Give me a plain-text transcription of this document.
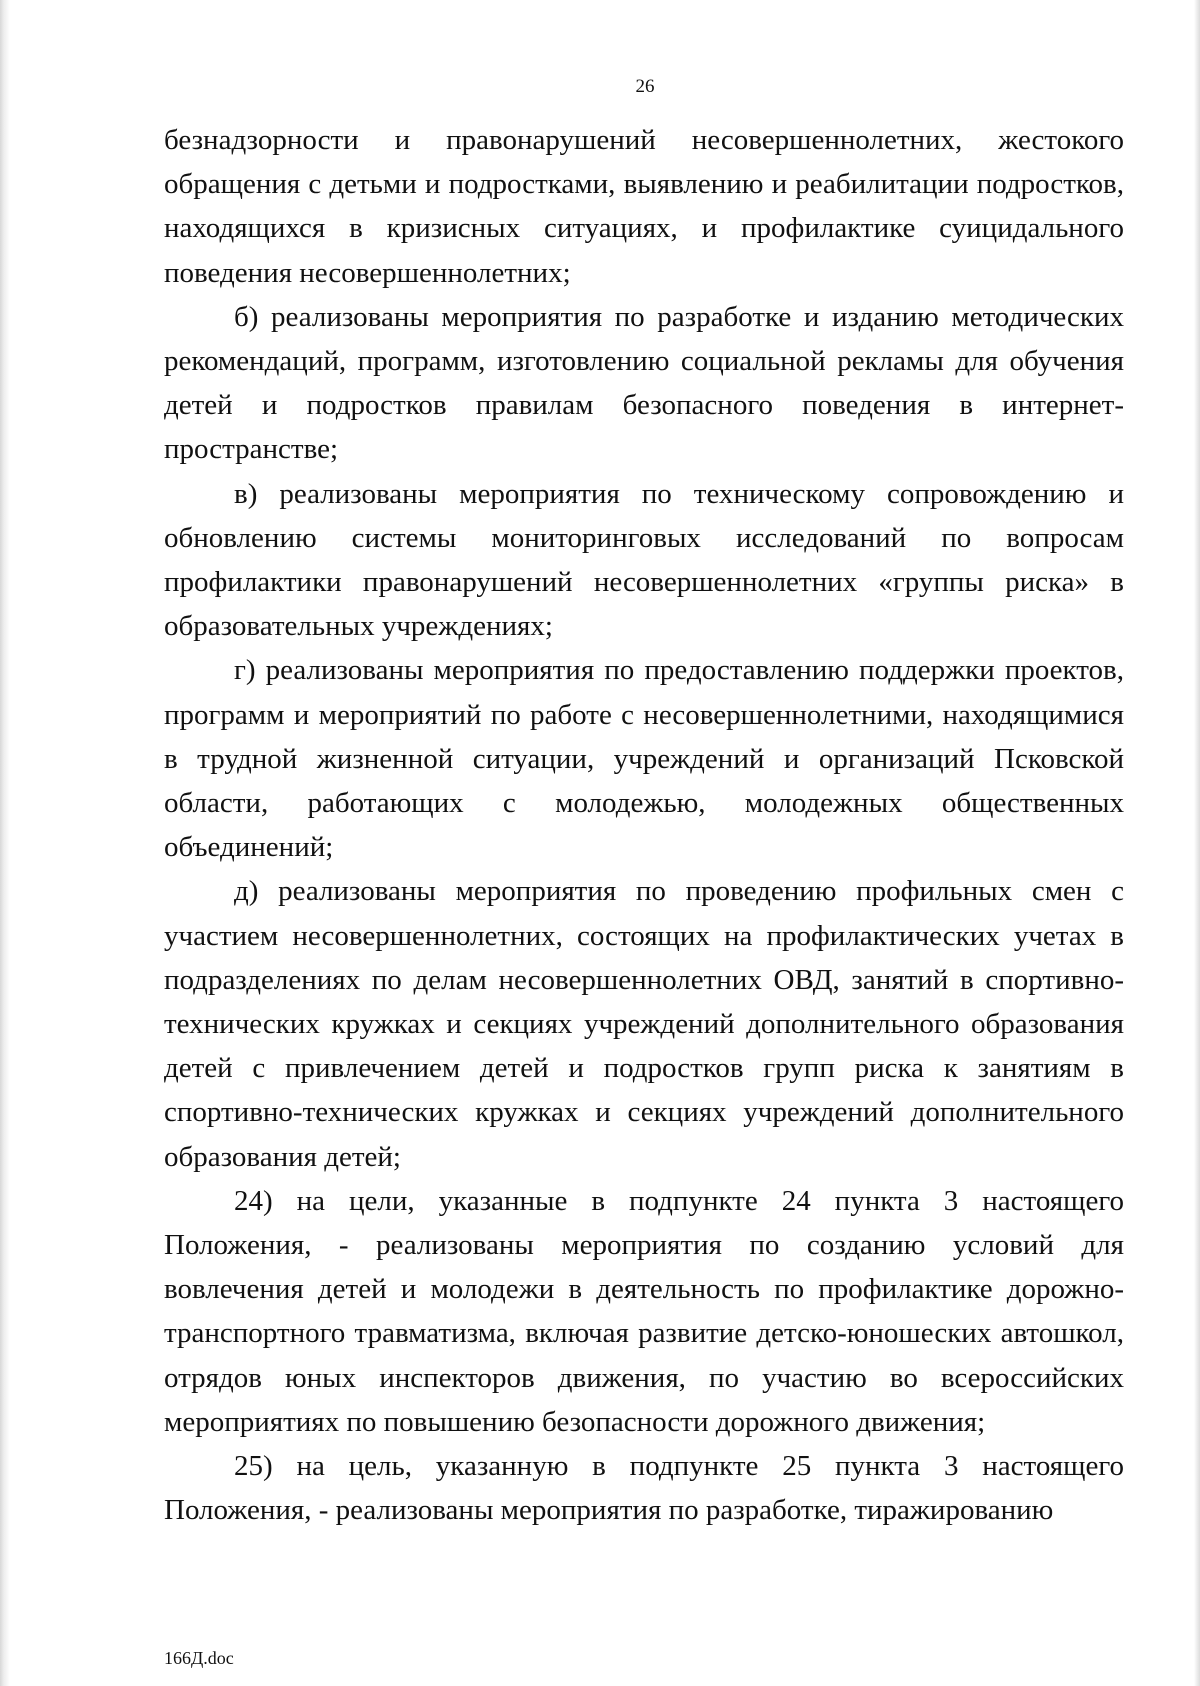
26

безнадзорности и правонарушений несовершеннолетних, жестокого обращения с детьми и подростками, выявлению и реабилитации подростков, находящихся в кризисных ситуациях, и профилактике суицидального поведения несовершеннолетних;

б) реализованы мероприятия по разработке и изданию методических рекомендаций, программ, изготовлению социальной рекламы для обучения детей и подростков правилам безопасного поведения в интернет-пространстве;

в) реализованы мероприятия по техническому сопровождению и обновлению системы мониторинговых исследований по вопросам профилактики правонарушений несовершеннолетних «группы риска» в образовательных учреждениях;

г) реализованы мероприятия по предоставлению поддержки проектов, программ и мероприятий по работе с несовершеннолетними, находящимися в трудной жизненной ситуации, учреждений и организаций Псковской области, работающих с молодежью, молодежных общественных объединений;

д) реализованы мероприятия по проведению профильных смен с участием несовершеннолетних, состоящих на профилактических учетах в подразделениях по делам несовершеннолетних ОВД, занятий в спортивно-технических кружках и секциях учреждений дополнительного образования детей с привлечением детей и подростков групп риска к занятиям в спортивно-технических кружках и секциях учреждений дополнительного образования детей;

24) на цели, указанные в подпункте 24 пункта 3 настоящего Положения, - реализованы мероприятия по созданию условий для вовлечения детей и молодежи в деятельность по профилактике дорожно-транспортного травматизма, включая развитие детско-юношеских автошкол, отрядов юных инспекторов движения, по участию во всероссийских мероприятиях по повышению безопасности дорожного движения;

25) на цель, указанную в подпункте 25 пункта 3 настоящего Положения, - реализованы мероприятия по разработке, тиражированию

166Д.doc
